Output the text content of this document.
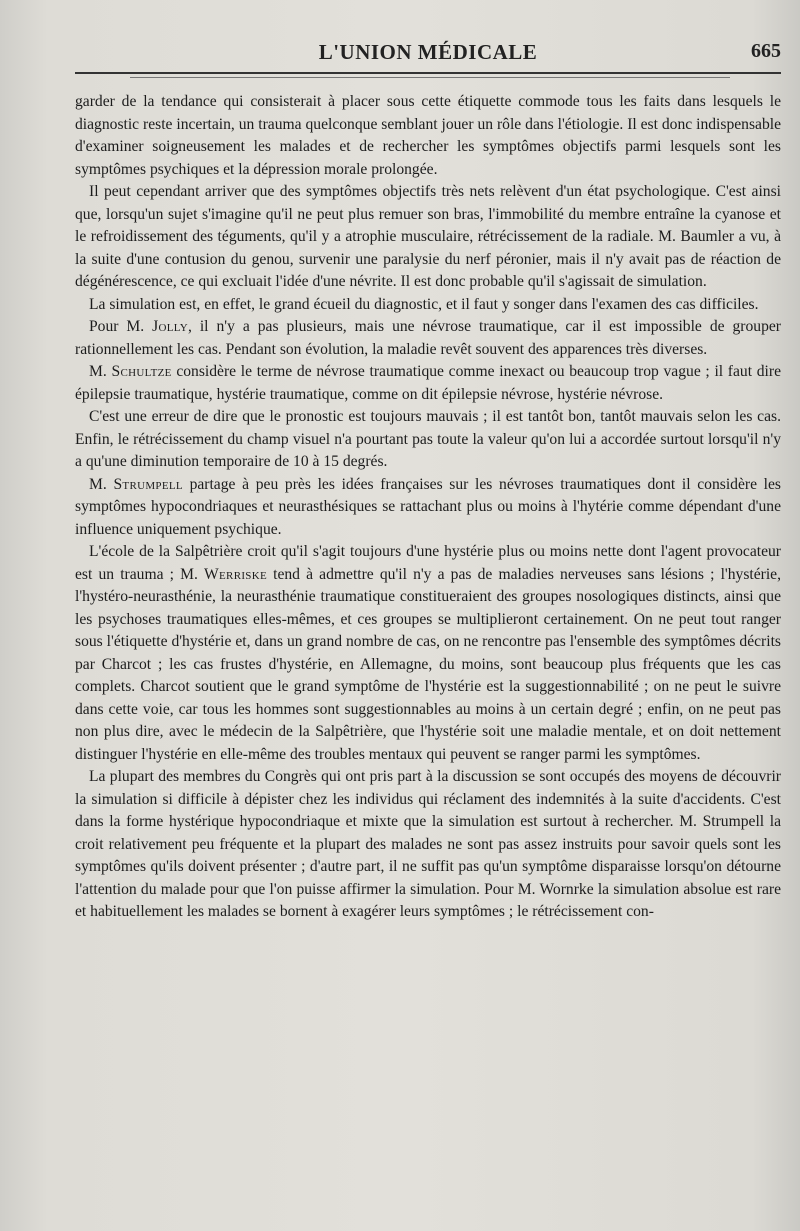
L'UNION MÉDICALE	665

garder de la tendance qui consisterait à placer sous cette étiquette commode tous les faits dans lesquels le diagnostic reste incertain, un trauma quelconque semblant jouer un rôle dans l'étiologie. Il est donc indispensable d'examiner soigneusement les malades et de rechercher les symptômes objectifs parmi lesquels sont les symptômes psychiques et la dépression morale prolongée.

Il peut cependant arriver que des symptômes objectifs très nets relèvent d'un état psychologique. C'est ainsi que, lorsqu'un sujet s'imagine qu'il ne peut plus remuer son bras, l'immobilité du membre entraîne la cyanose et le refroidissement des téguments, qu'il y a atrophie musculaire, rétrécissement de la radiale. M. Baumler a vu, à la suite d'une contusion du genou, survenir une paralysie du nerf péronier, mais il n'y avait pas de réaction de dégénérescence, ce qui excluait l'idée d'une névrite. Il est donc probable qu'il s'agissait de simulation.

La simulation est, en effet, le grand écueil du diagnostic, et il faut y songer dans l'examen des cas difficiles.

Pour M. Jolly, il n'y a pas plusieurs, mais une névrose traumatique, car il est impossible de grouper rationnellement les cas. Pendant son évolution, la maladie revêt souvent des apparences très diverses.

M. Schultze considère le terme de névrose traumatique comme inexact ou beaucoup trop vague ; il faut dire épilepsie traumatique, hystérie traumatique, comme on dit épilepsie névrose, hystérie névrose.

C'est une erreur de dire que le pronostic est toujours mauvais ; il est tantôt bon, tantôt mauvais selon les cas. Enfin, le rétrécissement du champ visuel n'a pourtant pas toute la valeur qu'on lui a accordée surtout lorsqu'il n'y a qu'une diminution temporaire de 10 à 15 degrés.

M. Strumpell partage à peu près les idées françaises sur les névroses traumatiques dont il considère les symptômes hypocondriaques et neurasthésiques se rattachant plus ou moins à l'hytérie comme dépendant d'une influence uniquement psychique.

L'école de la Salpêtrière croit qu'il s'agit toujours d'une hystérie plus ou moins nette dont l'agent provocateur est un trauma ; M. Werriske tend à admettre qu'il n'y a pas de maladies nerveuses sans lésions ; l'hystérie, l'hystéro-neurasthénie, la neurasthénie traumatique constitueraient des groupes nosologiques distincts, ainsi que les psychoses traumatiques elles-mêmes, et ces groupes se multiplieront certainement. On ne peut tout ranger sous l'étiquette d'hystérie et, dans un grand nombre de cas, on ne rencontre pas l'ensemble des symptômes décrits par Charcot ; les cas frustes d'hystérie, en Allemagne, du moins, sont beaucoup plus fréquents que les cas complets. Charcot soutient que le grand symptôme de l'hystérie est la suggestionnabilité ; on ne peut le suivre dans cette voie, car tous les hommes sont suggestionnables au moins à un certain degré ; enfin, on ne peut pas non plus dire, avec le médecin de la Salpêtrière, que l'hystérie soit une maladie mentale, et on doit nettement distinguer l'hystérie en elle-même des troubles mentaux qui peuvent se ranger parmi les symptômes.

La plupart des membres du Congrès qui ont pris part à la discussion se sont occupés des moyens de découvrir la simulation si difficile à dépister chez les individus qui réclament des indemnités à la suite d'accidents. C'est dans la forme hystérique hypocondriaque et mixte que la simulation est surtout à rechercher. M. Strumpell la croit relativement peu fréquente et la plupart des malades ne sont pas assez instruits pour savoir quels sont les symptômes qu'ils doivent présenter ; d'autre part, il ne suffit pas qu'un symptôme disparaisse lorsqu'on détourne l'attention du malade pour que l'on puisse affirmer la simulation. Pour M. Wornrke la simulation absolue est rare et habituellement les malades se bornent à exagérer leurs symptômes ; le rétrécissement con-
